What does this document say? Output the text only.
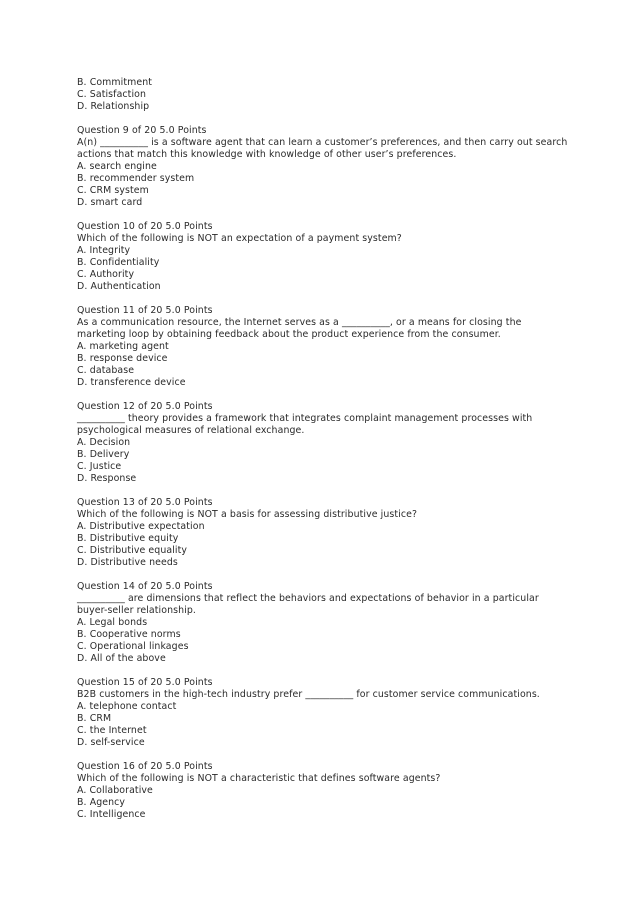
B. Commitment
C. Satisfaction
D. Relationship
Question 9 of 20 5.0 Points
A(n) __________ is a software agent that can learn a customer’s preferences, and then carry out search
actions that match this knowledge with knowledge of other user’s preferences.
A. search engine
B. recommender system
C. CRM system
D. smart card
Question 10 of 20 5.0 Points
Which of the following is NOT an expectation of a payment system?
A. Integrity
B. Confidentiality
C. Authority
D. Authentication
Question 11 of 20 5.0 Points
As a communication resource, the Internet serves as a __________, or a means for closing the
marketing loop by obtaining feedback about the product experience from the consumer.
A. marketing agent
B. response device
C. database
D. transference device
Question 12 of 20 5.0 Points
__________ theory provides a framework that integrates complaint management processes with
psychological measures of relational exchange.
A. Decision
B. Delivery
C. Justice
D. Response
Question 13 of 20 5.0 Points
Which of the following is NOT a basis for assessing distributive justice?
A. Distributive expectation
B. Distributive equity
C. Distributive equality
D. Distributive needs
Question 14 of 20 5.0 Points
__________ are dimensions that reflect the behaviors and expectations of behavior in a particular
buyer-seller relationship.
A. Legal bonds
B. Cooperative norms
C. Operational linkages
D. All of the above
Question 15 of 20 5.0 Points
B2B customers in the high-tech industry prefer __________ for customer service communications.
A. telephone contact
B. CRM
C. the Internet
D. self-service
Question 16 of 20 5.0 Points
Which of the following is NOT a characteristic that defines software agents?
A. Collaborative
B. Agency
C. Intelligence
